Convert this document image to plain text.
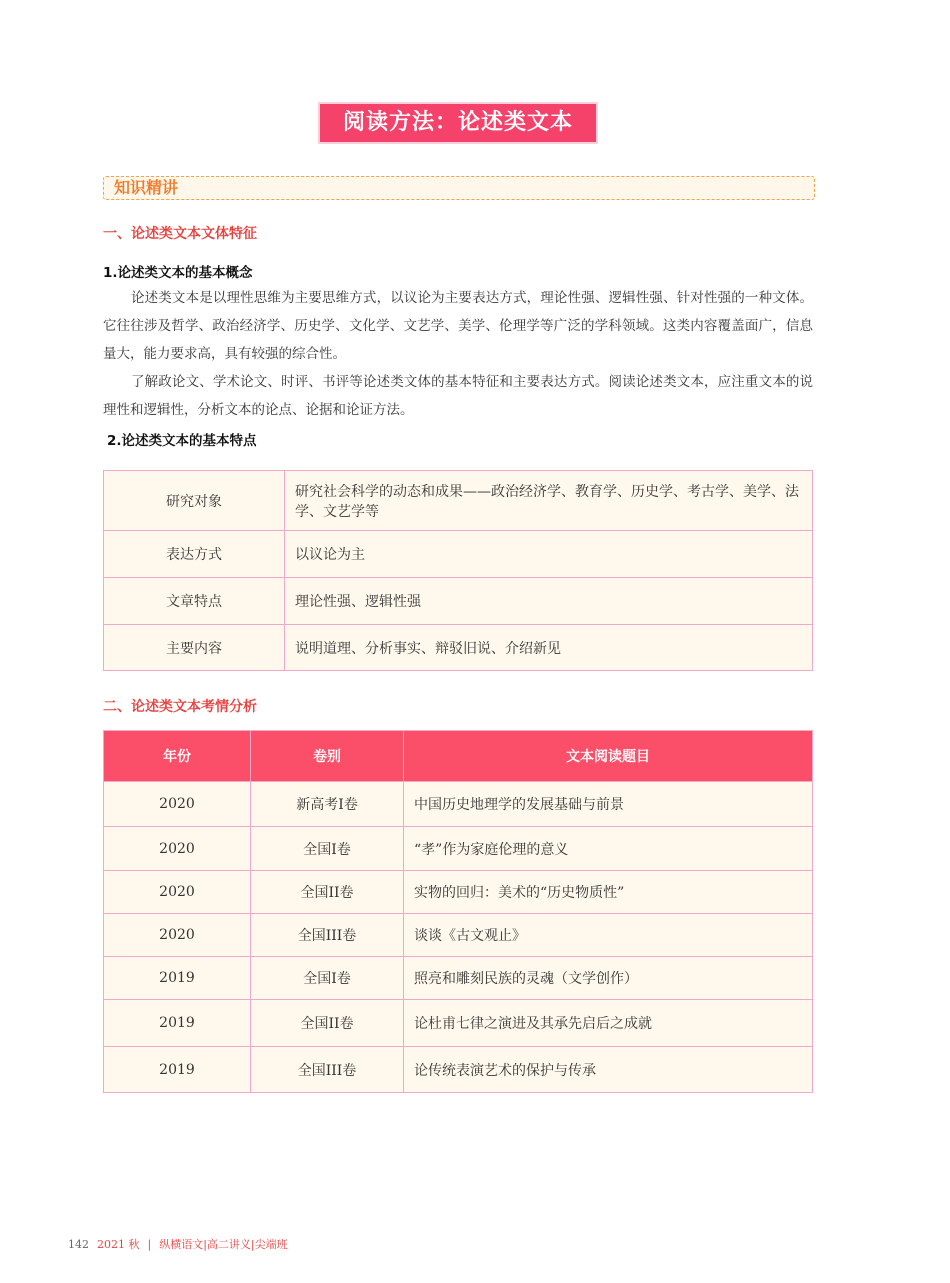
阅读方法：论述类文本
知识精讲
一、论述类文本文体特征
1.论述类文本的基本概念

论述类文本是以理性思维为主要思维方式，以议论为主要表达方式，理论性强、逻辑性强、针对性强的一种文体。它往往涉及哲学、政治经济学、历史学、文化学、文艺学、美学、伦理学等广泛的学科领域。这类内容覆盖面广，信息量大，能力要求高，具有较强的综合性。

了解政论文、学术论文、时评、书评等论述类文体的基本特征和主要表达方式。阅读论述类文本，应注重文本的说理性和逻辑性，分析文本的论点、论据和论证方法。

2.论述类文本的基本特点
研究对象	研究社会科学的动态和成果——政治经济学、教育学、历史学、考古学、美学、法学、文艺学等
表达方式	以议论为主
文章特点	理论性强、逻辑性强
主要内容	说明道理、分析事实、辩驳旧说、介绍新见
二、论述类文本考情分析
年份	卷别	文本阅读题目
2020	新高考I卷	中国历史地理学的发展基础与前景
2020	全国I卷	“孝”作为家庭伦理的意义
2020	全国II卷	实物的回归：美术的“历史物质性”
2020	全国III卷	谈谈《古文观止》
2019	全国I卷	照亮和雕刻民族的灵魂（文学创作）
2019	全国II卷	论杜甫七律之演进及其承先启后之成就
2019	全国III卷	论传统表演艺术的保护与传承
142 2021 秋 | 纵横语文|高二讲义|尖端班
